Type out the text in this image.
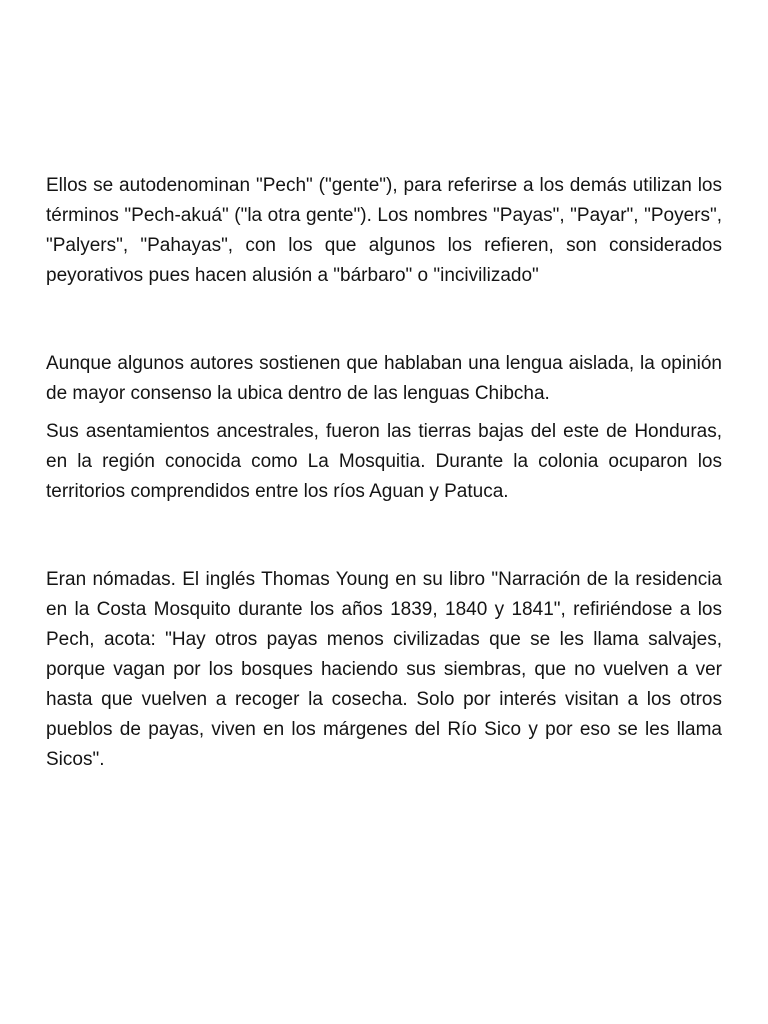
Ellos se autodenominan "Pech" ("gente"), para referirse a los demás utilizan los términos "Pech-akuá" ("la otra gente"). Los nombres "Payas", "Payar", "Poyers", "Palyers", "Pahayas", con los que algunos los refieren, son considerados peyorativos pues hacen alusión a "bárbaro" o "incivilizado"

Aunque algunos autores sostienen que hablaban una lengua aislada, la opinión de mayor consenso la ubica dentro de las lenguas Chibcha.

Sus asentamientos ancestrales, fueron las tierras bajas del este de Honduras, en la región conocida como La Mosquitia. Durante la colonia ocuparon los territorios comprendidos entre los ríos Aguan y Patuca.

Eran nómadas. El inglés Thomas Young en su libro "Narración de la residencia en la Costa Mosquito durante los años 1839, 1840 y 1841", refiriéndose a los Pech, acota: "Hay otros payas menos civilizadas que se les llama salvajes, porque vagan por los bosques haciendo sus siembras, que no vuelven a ver hasta que vuelven a recoger la cosecha. Solo por interés visitan a los otros pueblos de payas, viven en los márgenes del Río Sico y por eso se les llama Sicos".
